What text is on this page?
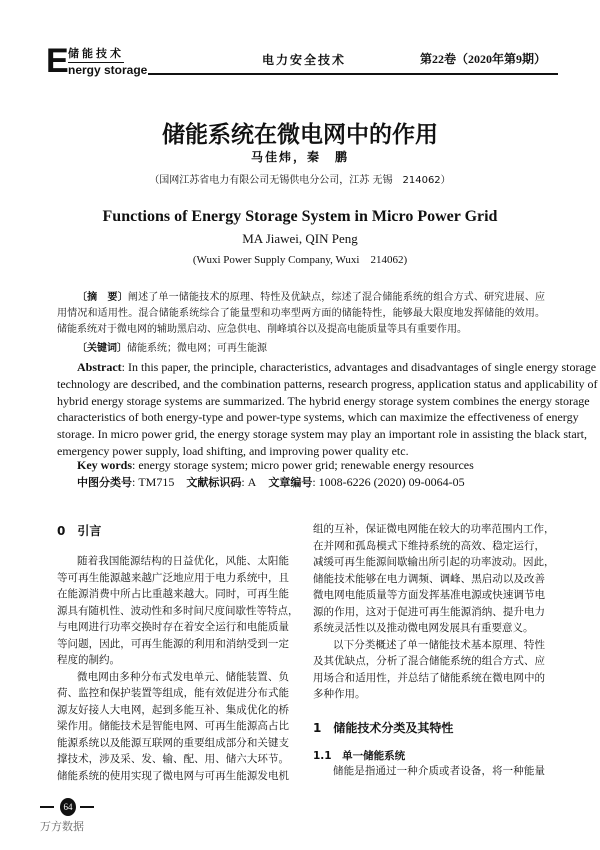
E 储能技术
nergy storage
电力安全技术	第22卷（2020年第9期）
储能系统在微电网中的作用
马佳炜，秦　鹏
（国网江苏省电力有限公司无锡供电分公司，江苏 无锡　214062）
Functions of Energy Storage System in Micro Power Grid
MA Jiawei, QIN Peng
(Wuxi Power Supply Company, Wuxi　214062)
〔摘　要〕阐述了单一储能技术的原理、特性及优缺点，综述了混合储能系统的组合方式、研究进展、应
用情况和适用性。混合储能系统综合了能量型和功率型两方面的储能特性，能够最大限度地发挥储能的效用。
储能系统对于微电网的辅助黑启动、应急供电、削峰填谷以及提高电能质量等具有重要作用。
〔关键词〕储能系统；微电网；可再生能源
Abstract: In this paper, the principle, characteristics, advantages and disadvantages of single energy storage
technology are described, and the combination patterns, research progress, application status and applicability of
hybrid energy storage systems are summarized. The hybrid energy storage system combines the energy storage
characteristics of both energy-type and power-type systems, which can maximize the effectiveness of energy
storage. In micro power grid, the energy storage system may play an important role in assisting the black start,
emergency power supply, load shifting, and improving power quality etc.
Key words: energy storage system; micro power grid; renewable energy resources
中图分类号: TM715 文献标识码: A 文章编号: 1008-6226 (2020) 09-0064-05
0　引言
随着我国能源结构的日益优化，风能、太阳能
等可再生能源越来越广泛地应用于电力系统中，且
在能源消费中所占比重越来越大。同时，可再生能
源具有随机性、波动性和多时间尺度间歇性等特点，
与电网进行功率交换时存在着安全运行和电能质量
等问题，因此，可再生能源的利用和消纳受到一定
程度的制约。
微电网由多种分布式发电单元、储能装置、负
荷、监控和保护装置等组成，能有效促进分布式能
源友好接人大电网，起到多能互补、集成优化的桥
梁作用。储能技术是智能电网、可再生能源高占比
能源系统以及能源互联网的重要组成部分和关键支
撑技术，涉及采、发、输、配、用、储六大环节。
储能系统的使用实现了微电网与可再生能源发电机
组的互补，保证微电网能在较大的功率范围内工作，
在并网和孤岛模式下维持系统的高效、稳定运行，
减缓可再生能源间歇输出所引起的功率波动。因此，
储能技术能够在电力调频、调峰、黑启动以及改善
微电网电能质量等方面发挥基准电源或快速调节电
源的作用，这对于促进可再生能源消纳、提升电力
系统灵活性以及推动微电网发展具有重要意义。
以下分类概述了单一储能技术基本原理、特性
及其优缺点，分析了混合储能系统的组合方式、应
用场合和适用性，并总结了储能系统在微电网中的
多种作用。
1　储能技术分类及其特性
1.1　单一储能系统
储能是指通过一种介质或者设备，将一种能量
64
万方数据
